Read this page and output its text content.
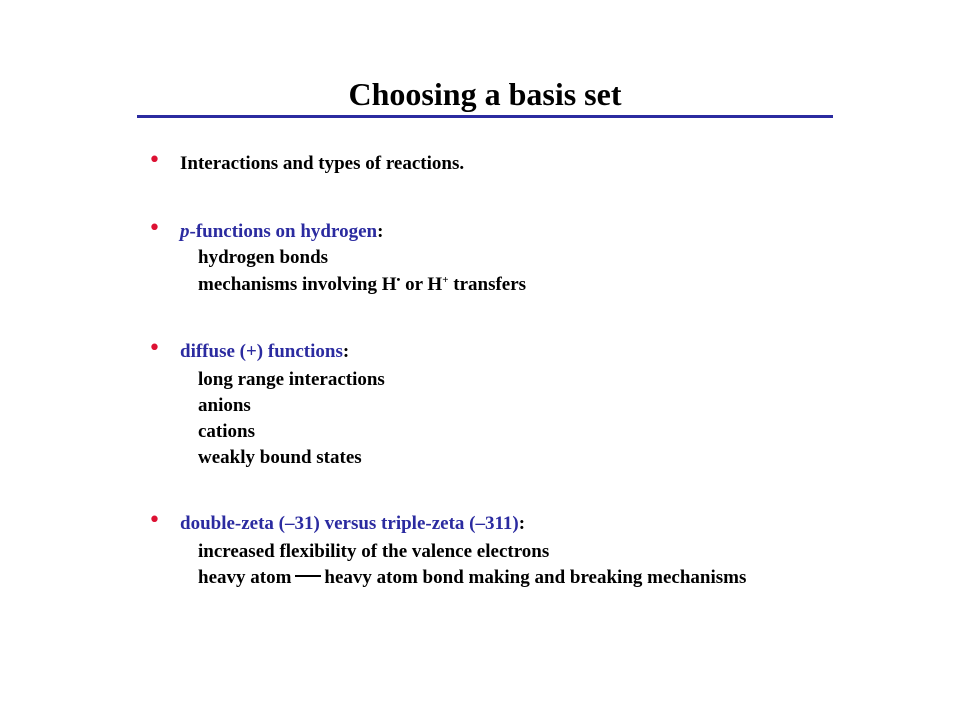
Choosing a basis set
• Interactions and types of reactions.
• p-functions on hydrogen:
hydrogen bonds
mechanisms involving H• or H+ transfers
• diffuse (+) functions:
long range interactions
anions
cations
weakly bound states
• double-zeta (–31) versus triple-zeta (–311):
increased flexibility of the valence electrons
heavy atom heavy atom bond making and breaking mechanisms
